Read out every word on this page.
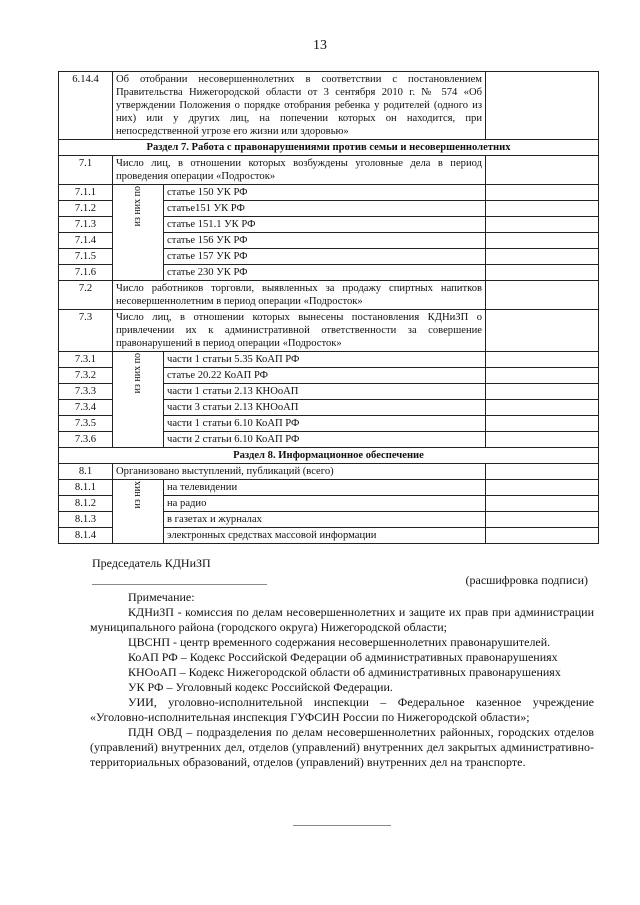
13
6.14.4	Об отобрании несовершеннолетних в соответствии с постановлением Правительства Нижегородской области от 3 сентября 2010 г. № 574 «Об утверждении Положения о порядке отобрания ребенка у родителей (одного из них) или у других лиц, на попечении которых он находится, при непосредственной угрозе его жизни или здоровью»		
Раздел 7. Работа с правонарушениями против семьи и несовершеннолетних			
7.1	Число лиц, в отношении которых возбуждены уголовные дела в период проведения операции «Подросток»		
7.1.1	из них по	статье 150 УК РФ	
7.1.2		статье151 УК РФ	
7.1.3		статье 151.1 УК РФ	
7.1.4		статье 156 УК РФ	
7.1.5		статье 157 УК РФ	
7.1.6		статье 230 УК РФ	
7.2	Число работников торговли, выявленных за продажу спиртных напитков несовершеннолетним в период операции «Подросток»		
7.3	Число лиц, в отношении которых вынесены постановления КДНиЗП о привлечении их к административной ответственности за совершение правонарушений в период операции «Подросток»		
7.3.1	из них по	части 1 статьи 5.35 КоАП РФ	
7.3.2		статье 20.22 КоАП РФ	
7.3.3		части 1 статьи 2.13 КНОоАП	
7.3.4		части 3 статьи 2.13 КНОоАП	
7.3.5		части 1 статьи 6.10 КоАП РФ	
7.3.6		части 2 статьи 6.10 КоАП РФ	
Раздел 8. Информационное обеспечение			
8.1	Организовано выступлений, публикаций (всего)		
8.1.1	из них	на телевидении	
8.1.2		на радио	
8.1.3		в газетах и журналах	
8.1.4		электронных средствах массовой информации	
Председатель КДНиЗП
(расшифровка подписи)

Примечание:

КДНиЗП - комиссия по делам несовершеннолетних и защите их прав при администрации муниципального района (городского округа) Нижегородской области;

ЦВСНП - центр временного содержания несовершеннолетних правонарушителей.

КоАП РФ – Кодекс Российской Федерации об административных правонарушениях

КНОоАП – Кодекс Нижегородской области об административных правонарушениях

УК РФ – Уголовный кодекс Российской Федерации.

УИИ, уголовно-исполнительной инспекции – Федеральное казенное учреждение «Уголовно-исполнительная инспекция ГУФСИН России по Нижегородской области»;

ПДН ОВД – подразделения по делам несовершеннолетних районных, городских отделов (управлений) внутренних дел, отделов (управлений) внутренних дел закрытых административно-территориальных образований, отделов (управлений) внутренних дел на транспорте.
